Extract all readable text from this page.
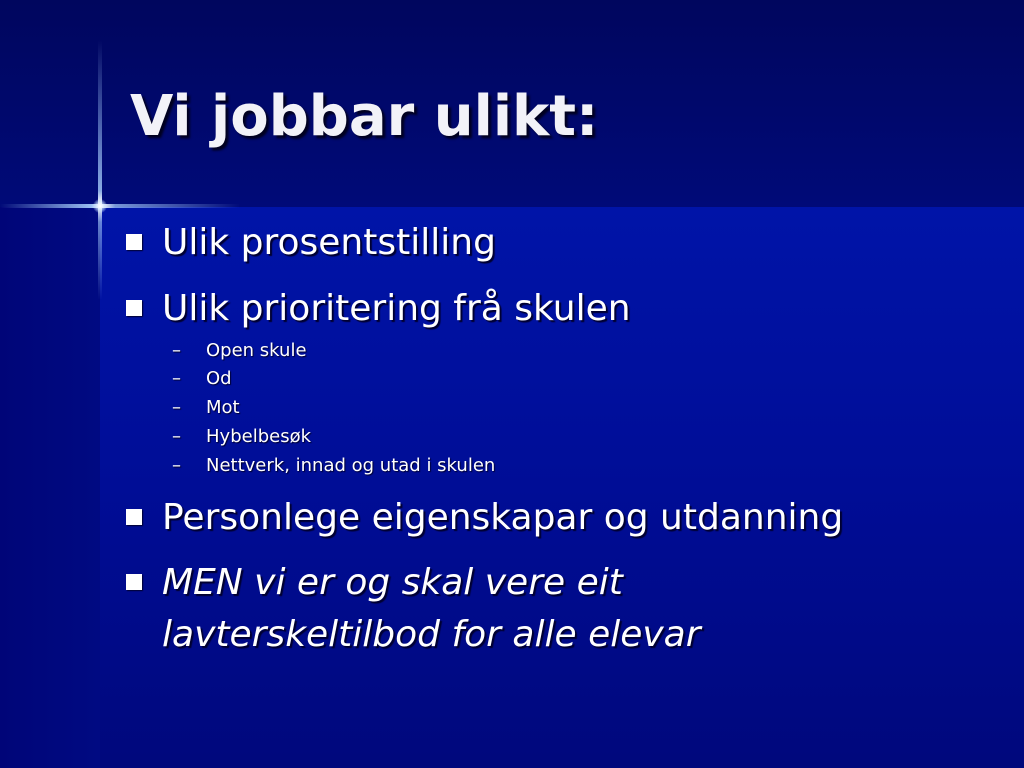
Vi jobbar ulikt:
Ulik prosentstilling
Ulik prioritering frå skulen
– Open skule
– Od
– Mot
– Hybelbesøk
– Nettverk, innad og utad i skulen
Personlege eigenskapar og utdanning
MEN vi er og skal vere eit
lavterskeltilbod for alle elevar
